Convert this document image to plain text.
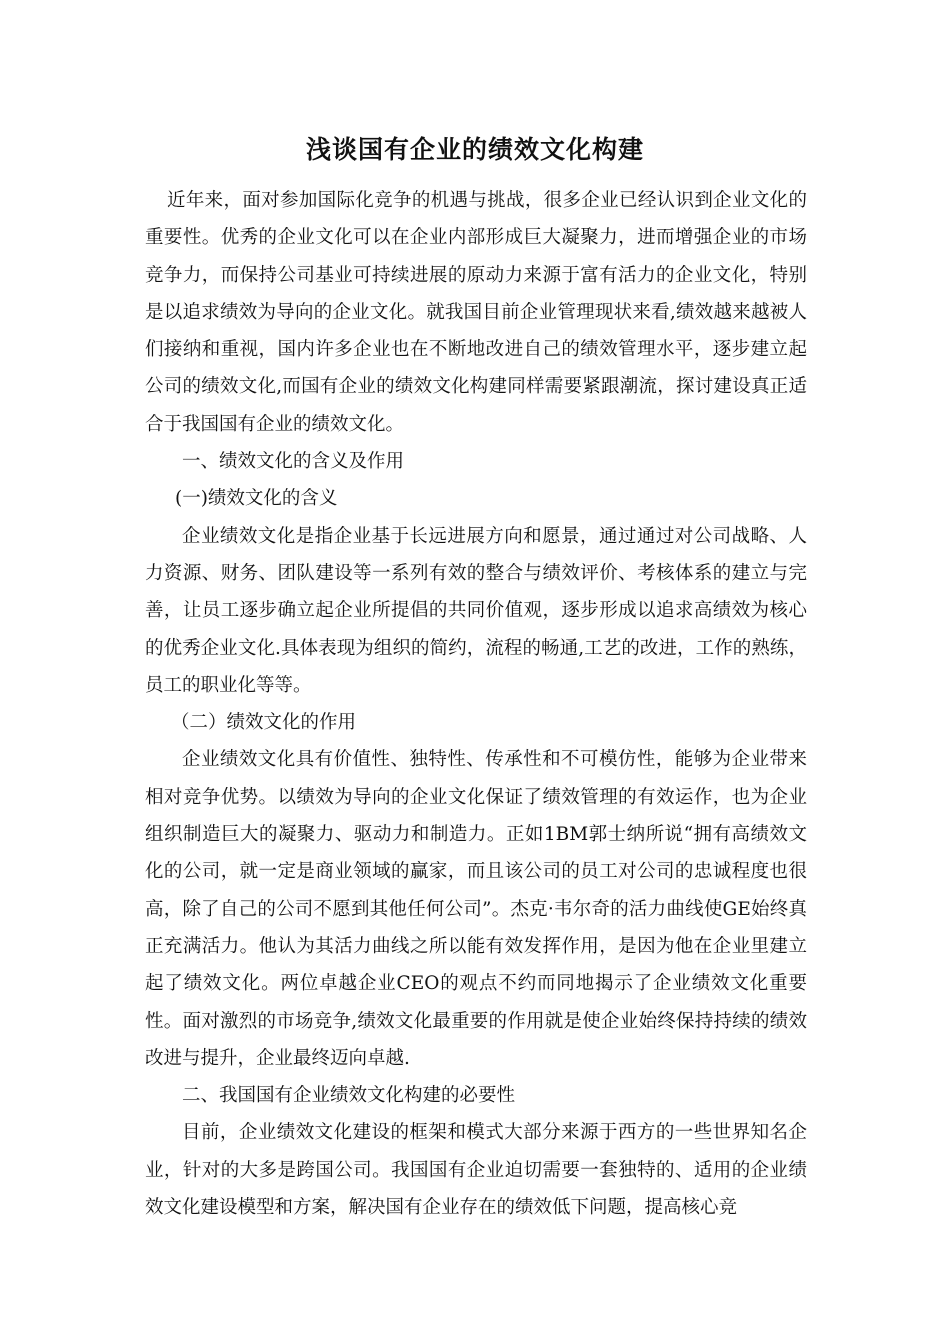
浅谈国有企业的绩效文化构建

近年来，面对参加国际化竞争的机遇与挑战，很多企业已经认识到企业文化的重要性。优秀的企业文化可以在企业内部形成巨大凝聚力，进而增强企业的市场竞争力，而保持公司基业可持续进展的原动力来源于富有活力的企业文化，特别是以追求绩效为导向的企业文化。就我国目前企业管理现状来看,绩效越来越被人们接纳和重视，国内许多企业也在不断地改进自己的绩效管理水平，逐步建立起公司的绩效文化,而国有企业的绩效文化构建同样需要紧跟潮流，探讨建设真正适合于我国国有企业的绩效文化。

一、绩效文化的含义及作用

(一)绩效文化的含义

企业绩效文化是指企业基于长远进展方向和愿景，通过通过对公司战略、人力资源、财务、团队建设等一系列有效的整合与绩效评价、考核体系的建立与完善，让员工逐步确立起企业所提倡的共同价值观，逐步形成以追求高绩效为核心的优秀企业文化.具体表现为组织的简约，流程的畅通,工艺的改进，工作的熟练，员工的职业化等等。

（二）绩效文化的作用

企业绩效文化具有价值性、独特性、传承性和不可模仿性，能够为企业带来相对竞争优势。以绩效为导向的企业文化保证了绩效管理的有效运作，也为企业组织制造巨大的凝聚力、驱动力和制造力。正如1BM郭士纳所说“拥有高绩效文化的公司，就一定是商业领域的赢家，而且该公司的员工对公司的忠诚程度也很高，除了自己的公司不愿到其他任何公司”。杰克·韦尔奇的活力曲线使GE始终真正充满活力。他认为其活力曲线之所以能有效发挥作用，是因为他在企业里建立起了绩效文化。两位卓越企业CEO的观点不约而同地揭示了企业绩效文化重要性。面对激烈的市场竞争,绩效文化最重要的作用就是使企业始终保持持续的绩效改进与提升，企业最终迈向卓越.

二、我国国有企业绩效文化构建的必要性

目前，企业绩效文化建设的框架和模式大部分来源于西方的一些世界知名企业，针对的大多是跨国公司。我国国有企业迫切需要一套独特的、适用的企业绩效文化建设模型和方案，解决国有企业存在的绩效低下问题，提高核心竞
